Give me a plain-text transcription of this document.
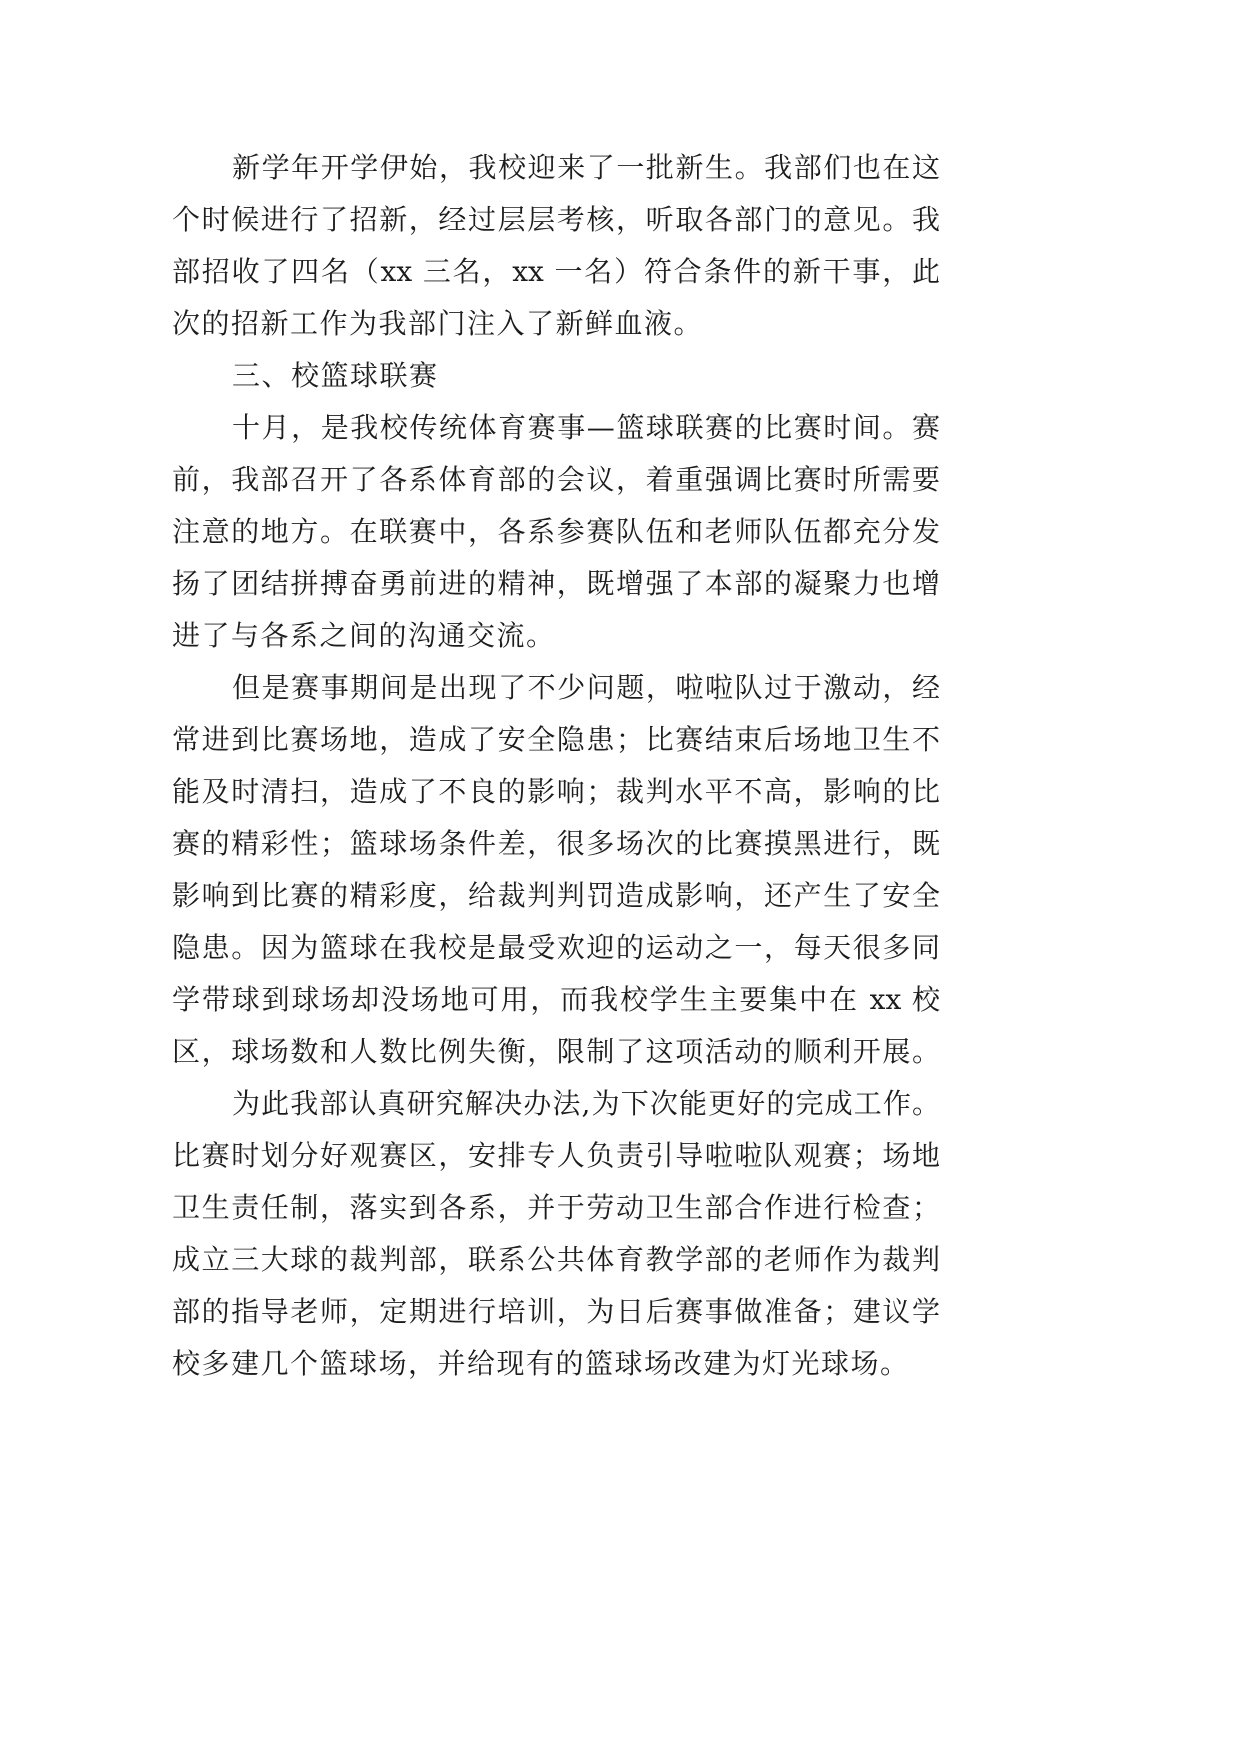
新学年开学伊始，我校迎来了一批新生。我部们也在这
个时候进行了招新，经过层层考核，听取各部门的意见。我
部招收了四名（xx 三名，xx 一名）符合条件的新干事，此
次的招新工作为我部门注入了新鲜血液。
三、校篮球联赛
十月，是我校传统体育赛事—篮球联赛的比赛时间。赛
前，我部召开了各系体育部的会议，着重强调比赛时所需要
注意的地方。在联赛中，各系参赛队伍和老师队伍都充分发
扬了团结拼搏奋勇前进的精神，既增强了本部的凝聚力也增
进了与各系之间的沟通交流。
但是赛事期间是出现了不少问题，啦啦队过于激动，经
常进到比赛场地，造成了安全隐患；比赛结束后场地卫生不
能及时清扫，造成了不良的影响；裁判水平不高，影响的比
赛的精彩性；篮球场条件差，很多场次的比赛摸黑进行，既
影响到比赛的精彩度，给裁判判罚造成影响，还产生了安全
隐患。因为篮球在我校是最受欢迎的运动之一，每天很多同
学带球到球场却没场地可用，而我校学生主要集中在 xx 校
区，球场数和人数比例失衡，限制了这项活动的顺利开展。
为此我部认真研究解决办法,为下次能更好的完成工作。
比赛时划分好观赛区，安排专人负责引导啦啦队观赛；场地
卫生责任制，落实到各系，并于劳动卫生部合作进行检查；
成立三大球的裁判部，联系公共体育教学部的老师作为裁判
部的指导老师，定期进行培训，为日后赛事做准备；建议学
校多建几个篮球场，并给现有的篮球场改建为灯光球场。
